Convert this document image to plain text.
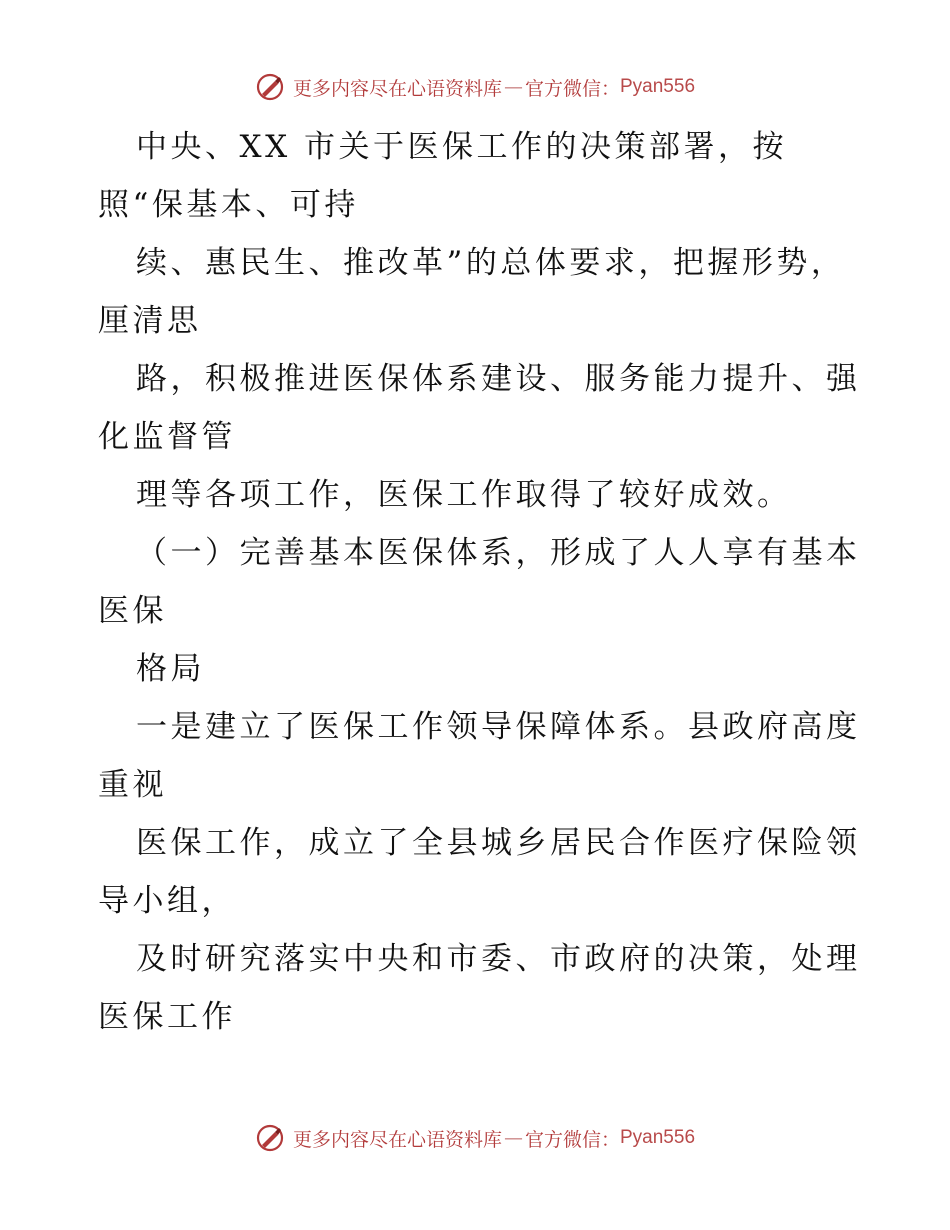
更多内容尽在心语资料库 — 官方微信： Pyan556
中央、XX 市关于医保工作的决策部署，按
照“保基本、可持
续、惠民生、推改革”的总体要求，把握形势，
厘清思
路，积极推进医保体系建设、服务能力提升、强
化监督管
理等各项工作，医保工作取得了较好成效。
（一）完善基本医保体系，形成了人人享有基本
医保
格局
一是建立了医保工作领导保障体系。县政府高度
重视
医保工作，成立了全县城乡居民合作医疗保险领
导小组，
及时研究落实中央和市委、市政府的决策，处理
医保工作
更多内容尽在心语资料库 — 官方微信： Pyan556
